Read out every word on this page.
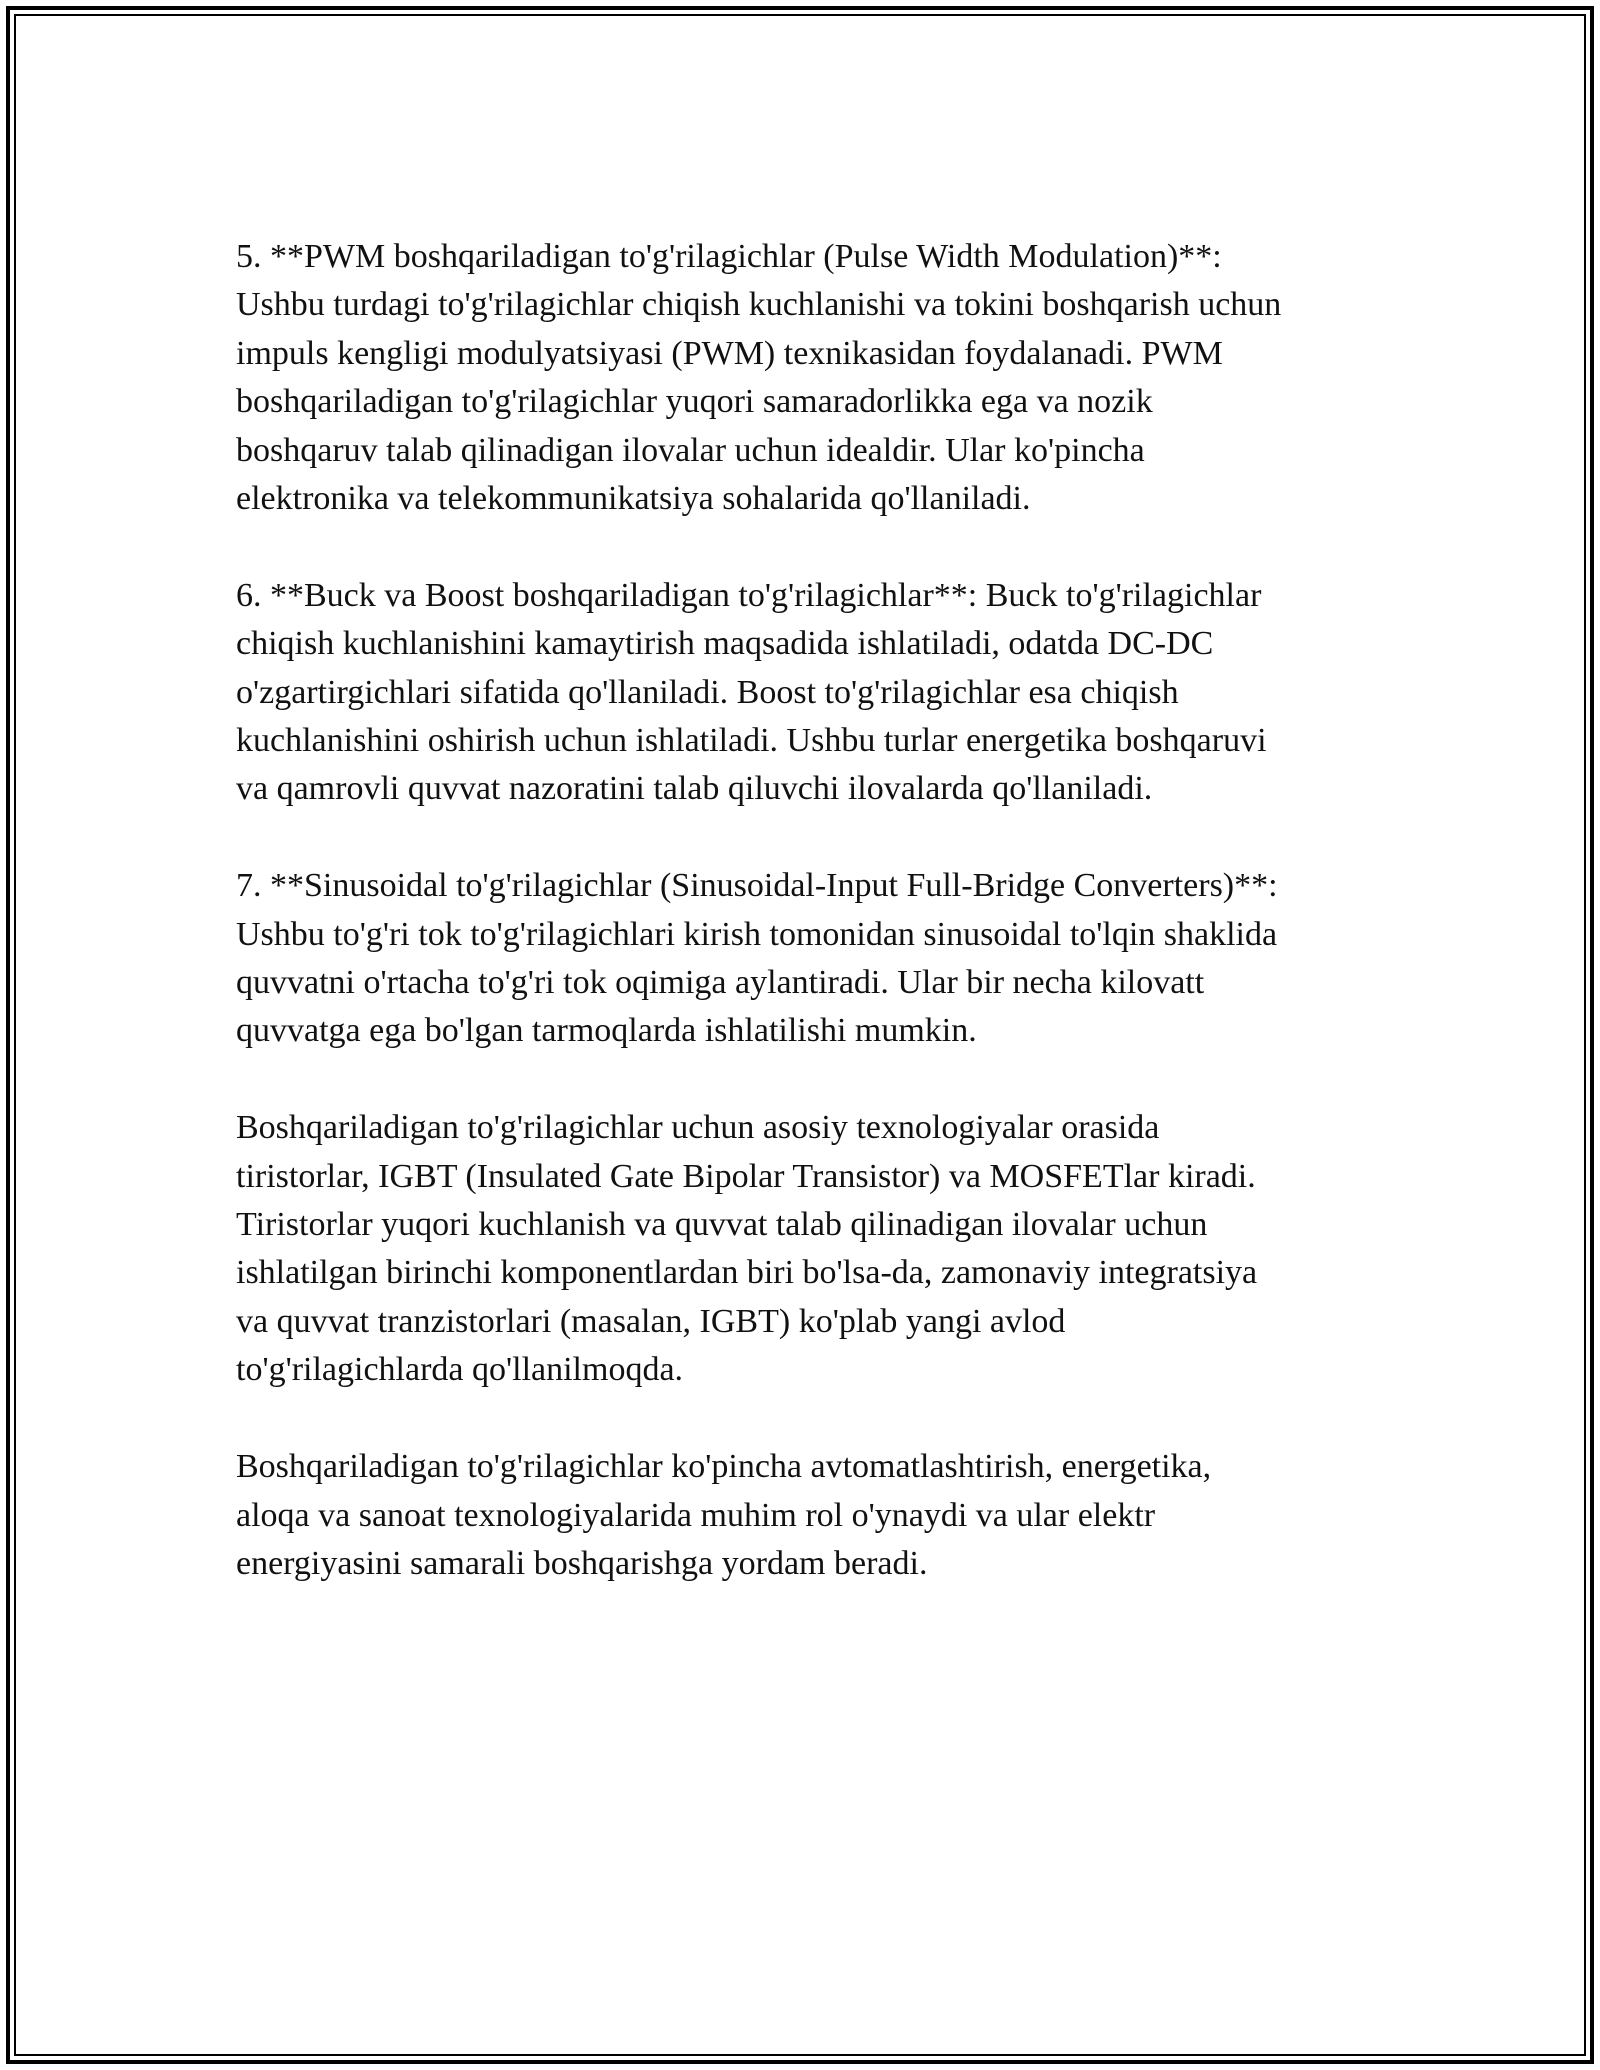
5. **PWM boshqariladigan to'g'rilagichlar (Pulse Width Modulation)**:
Ushbu turdagi to'g'rilagichlar chiqish kuchlanishi va tokini boshqarish uchun
impuls kengligi modulyatsiyasi (PWM) texnikasidan foydalanadi. PWM
boshqariladigan to'g'rilagichlar yuqori samaradorlikka ega va nozik
boshqaruv talab qilinadigan ilovalar uchun idealdir. Ular ko'pincha
elektronika va telekommunikatsiya sohalarida qo'llaniladi.

6. **Buck va Boost boshqariladigan to'g'rilagichlar**: Buck to'g'rilagichlar
chiqish kuchlanishini kamaytirish maqsadida ishlatiladi, odatda DC-DC
o'zgartirgichlari sifatida qo'llaniladi. Boost to'g'rilagichlar esa chiqish
kuchlanishini oshirish uchun ishlatiladi. Ushbu turlar energetika boshqaruvi
va qamrovli quvvat nazoratini talab qiluvchi ilovalarda qo'llaniladi.

7. **Sinusoidal to'g'rilagichlar (Sinusoidal-Input Full-Bridge Converters)**:
Ushbu to'g'ri tok to'g'rilagichlari kirish tomonidan sinusoidal to'lqin shaklida
quvvatni o'rtacha to'g'ri tok oqimiga aylantiradi. Ular bir necha kilovatt
quvvatga ega bo'lgan tarmoqlarda ishlatilishi mumkin.

Boshqariladigan to'g'rilagichlar uchun asosiy texnologiyalar orasida
tiristorlar, IGBT (Insulated Gate Bipolar Transistor) va MOSFETlar kiradi.
Tiristorlar yuqori kuchlanish va quvvat talab qilinadigan ilovalar uchun
ishlatilgan birinchi komponentlardan biri bo'lsa-da, zamonaviy integratsiya
va quvvat tranzistorlari (masalan, IGBT) ko'plab yangi avlod
to'g'rilagichlarda qo'llanilmoqda.

Boshqariladigan to'g'rilagichlar ko'pincha avtomatlashtirish, energetika,
aloqa va sanoat texnologiyalarida muhim rol o'ynaydi va ular elektr
energiyasini samarali boshqarishga yordam beradi.
